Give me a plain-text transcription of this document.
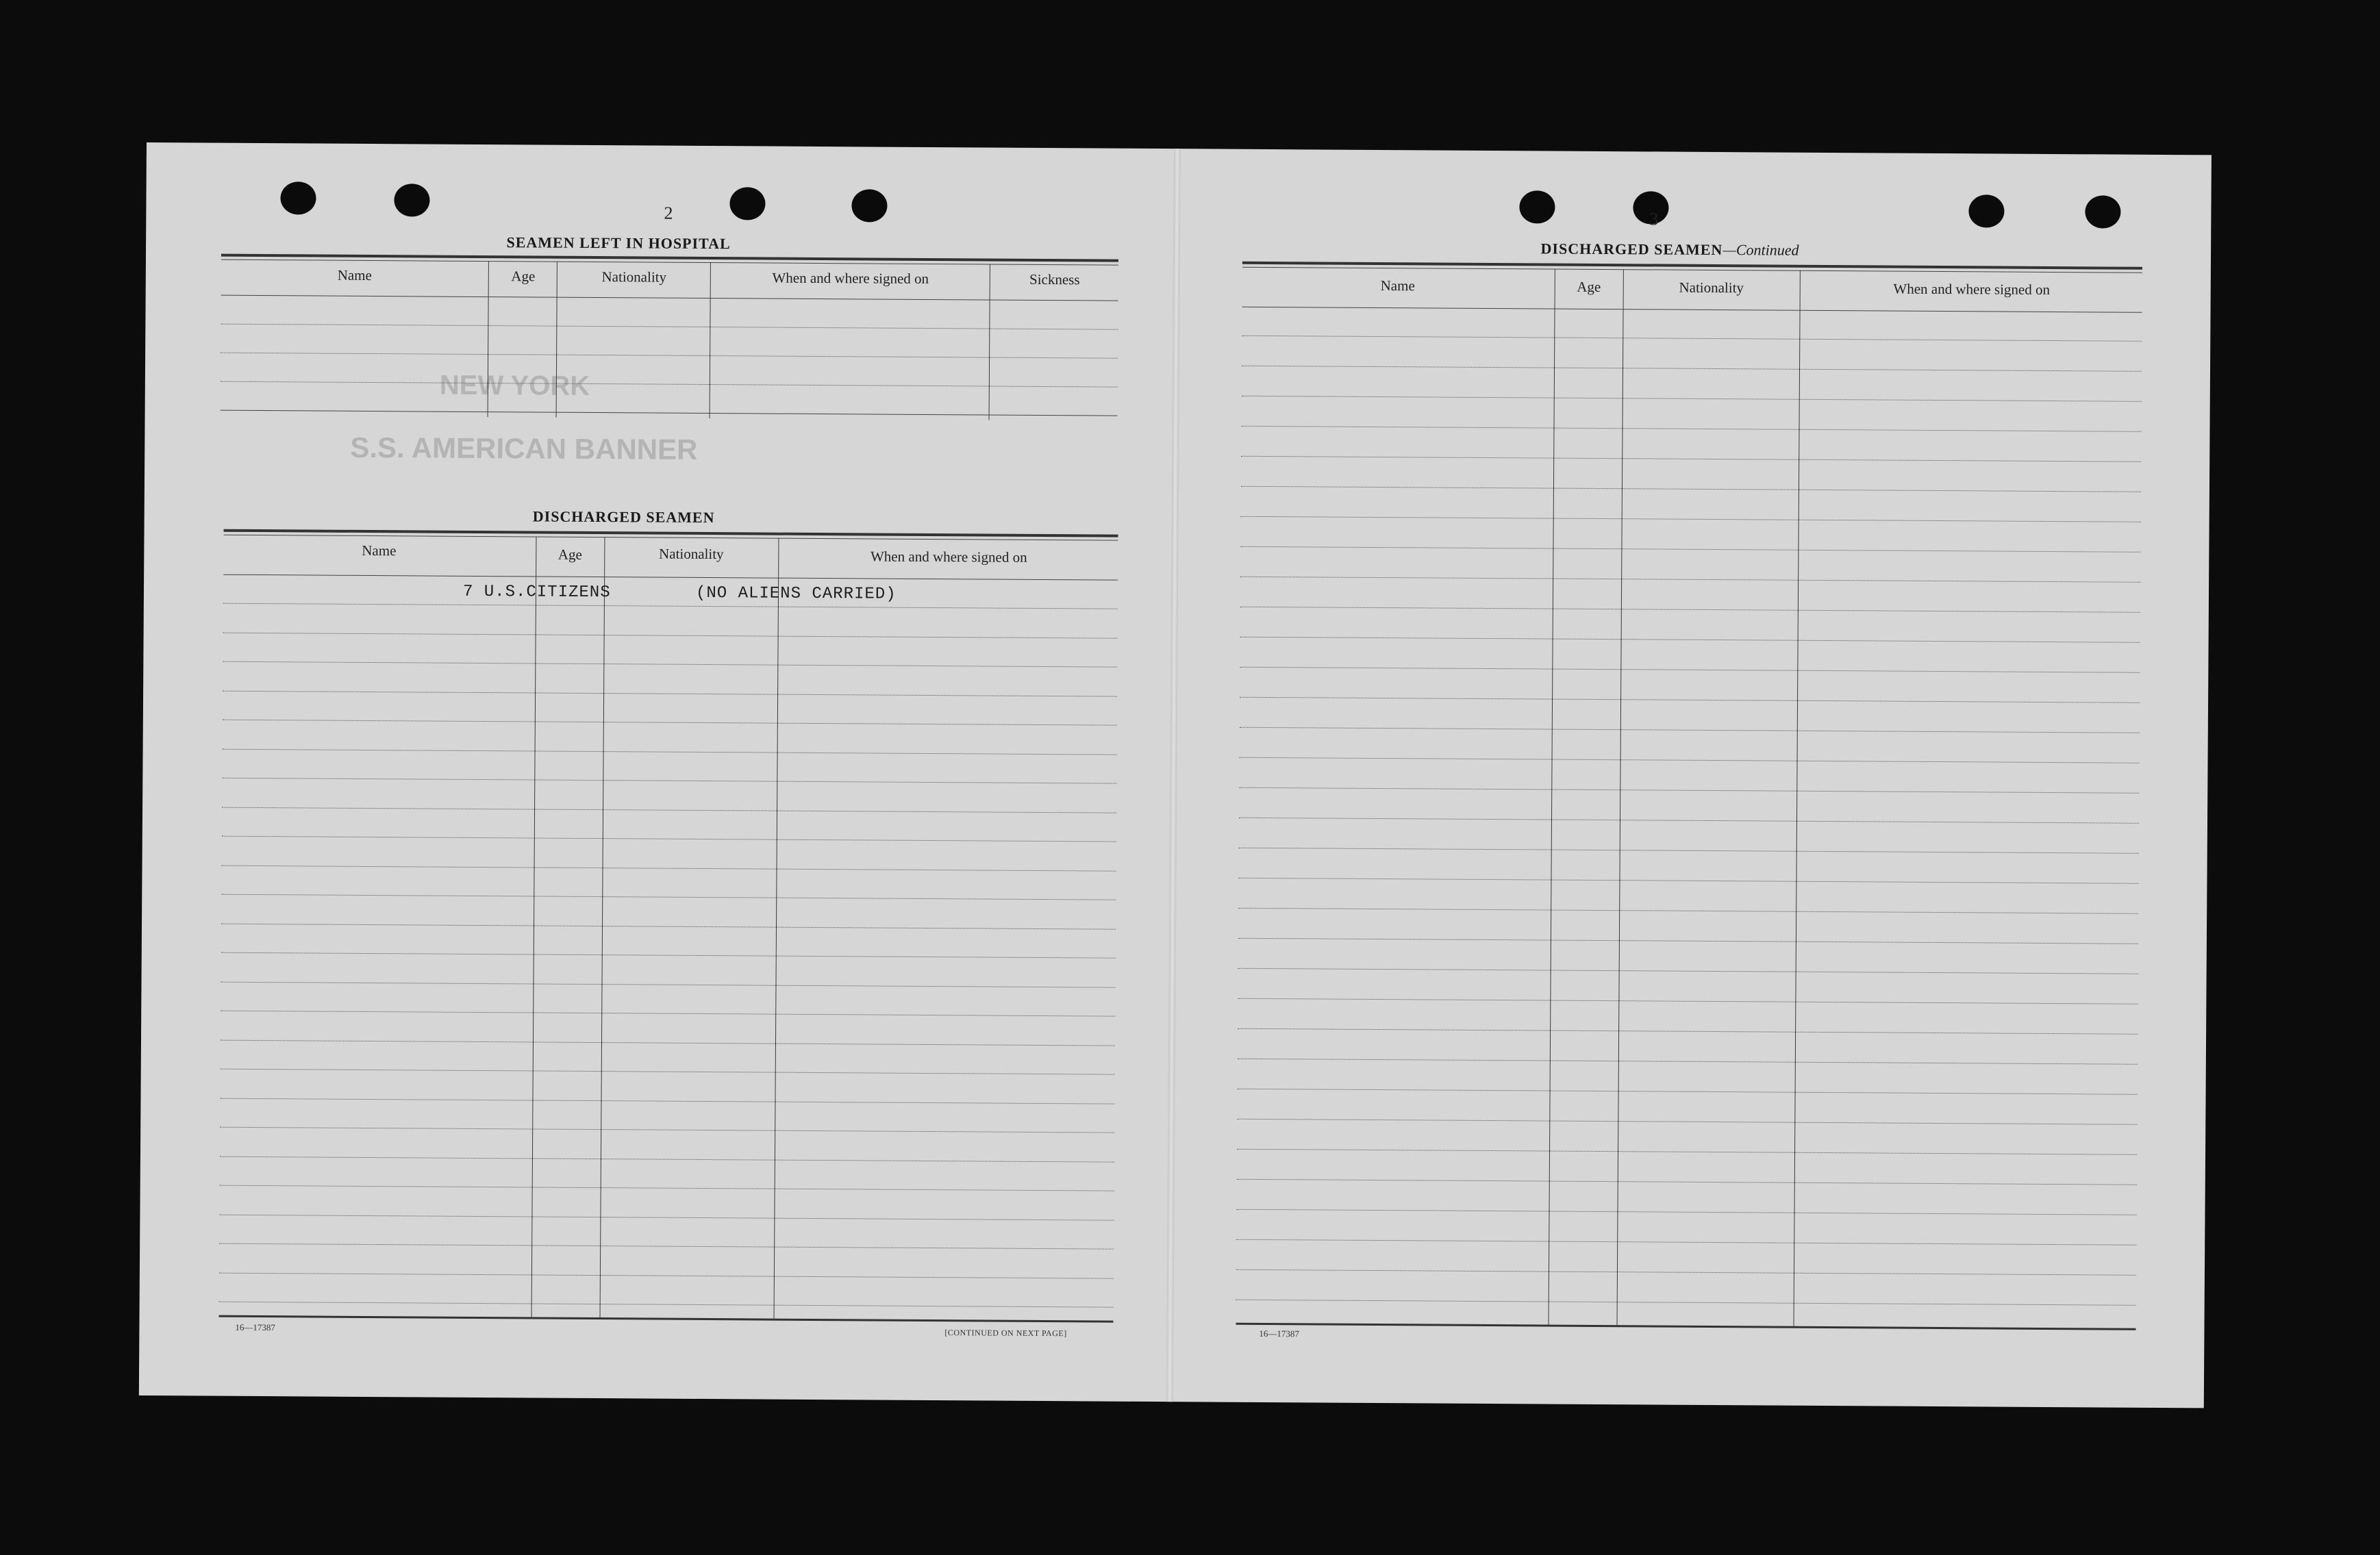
2
NEW YORK
S.S. AMERICAN BANNER
SEAMEN LEFT IN HOSPITAL
Name	Age	Nationality	When and where signed on	Sickness
DISCHARGED SEAMEN
Name	Age	Nationality	When and where signed on
7 U.S.CITIZENS	(NO ALIENS CARRIED)
16—17387
[CONTINUED ON NEXT PAGE]
3
DISCHARGED SEAMEN—Continued
Name	Age	Nationality	When and where signed on
16—17387
